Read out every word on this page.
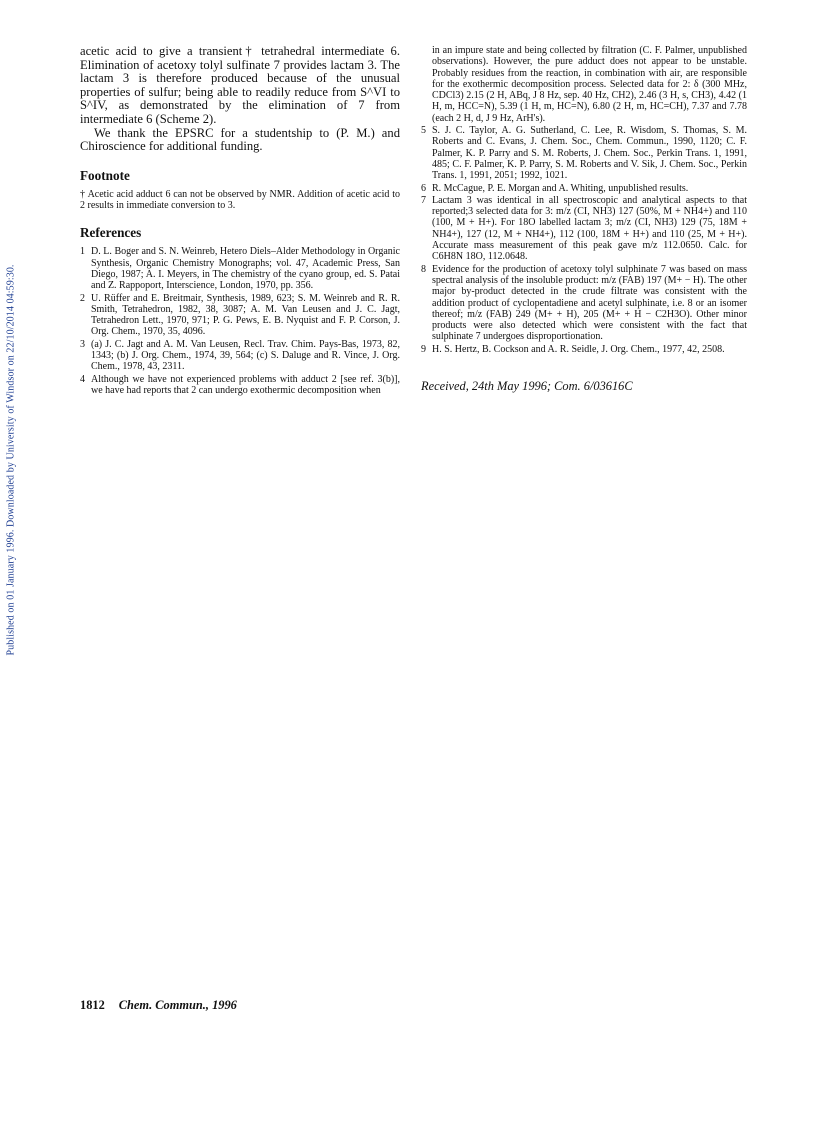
Published on 01 January 1996. Downloaded by University of Windsor on 22/10/2014 04:59:30.

acetic acid to give a transient† tetrahedral intermediate 6. Elimination of acetoxy tolyl sulfinate 7 provides lactam 3. The lactam 3 is therefore produced because of the unusual properties of sulfur; being able to readily reduce from S^VI to S^IV, as demonstrated by the elimination of 7 from intermediate 6 (Scheme 2).

We thank the EPSRC for a studentship to (P. M.) and Chiroscience for additional funding.

Footnote

† Acetic acid adduct 6 can not be observed by NMR. Addition of acetic acid to 2 results in immediate conversion to 3.

References
1 D. L. Boger and S. N. Weinreb, Hetero Diels–Alder Methodology in Organic Synthesis, Organic Chemistry Monographs; vol. 47, Academic Press, San Diego, 1987; A. I. Meyers, in The chemistry of the cyano group, ed. S. Patai and Z. Rappoport, Interscience, London, 1970, pp. 356.
2 U. Rüffer and E. Breitmair, Synthesis, 1989, 623; S. M. Weinreb and R. R. Smith, Tetrahedron, 1982, 38, 3087; A. M. Van Leusen and J. C. Jagt, Tetrahedron Lett., 1970, 971; P. G. Pews, E. B. Nyquist and F. P. Corson, J. Org. Chem., 1970, 35, 4096.
3 (a) J. C. Jagt and A. M. Van Leusen, Recl. Trav. Chim. Pays-Bas, 1973, 82, 1343; (b) J. Org. Chem., 1974, 39, 564; (c) S. Daluge and R. Vince, J. Org. Chem., 1978, 43, 2311.
4 Although we have not experienced problems with adduct 2 [see ref. 3(b)], we have had reports that 2 can undergo exothermic decomposition when

in an impure state and being collected by filtration (C. F. Palmer, unpublished observations). However, the pure adduct does not appear to be unstable. Probably residues from the reaction, in combination with air, are responsible for the exothermic decomposition process. Selected data for 2: δ (300 MHz, CDCl3) 2.15 (2 H, ABq, J 8 Hz, sep. 40 Hz, CH2), 2.46 (3 H, s, CH3), 4.42 (1 H, m, HCC=N), 5.39 (1 H, m, HC=N), 6.80 (2 H, m, HC=CH), 7.37 and 7.78 (each 2 H, d, J 9 Hz, ArH's).

5 S. J. C. Taylor, A. G. Sutherland, C. Lee, R. Wisdom, S. Thomas, S. M. Roberts and C. Evans, J. Chem. Soc., Chem. Commun., 1990, 1120; C. F. Palmer, K. P. Parry and S. M. Roberts, J. Chem. Soc., Perkin Trans. 1, 1991, 485; C. F. Palmer, K. P. Parry, S. M. Roberts and V. Sik, J. Chem. Soc., Perkin Trans. 1, 1991, 2051; 1992, 1021.
6 R. McCague, P. E. Morgan and A. Whiting, unpublished results.
7 Lactam 3 was identical in all spectroscopic and analytical aspects to that reported;3 selected data for 3: m/z (CI, NH3) 127 (50%, M + NH4+) and 110 (100, M + H+). For 18O labelled lactam 3; m/z (CI, NH3) 129 (75, 18M + NH4+), 127 (12, M + NH4+), 112 (100, 18M + H+) and 110 (25, M + H+). Accurate mass measurement of this peak gave m/z 112.0650. Calc. for C6H8N 18O, 112.0648.
8 Evidence for the production of acetoxy tolyl sulphinate 7 was based on mass spectral analysis of the insoluble product: m/z (FAB) 197 (M+ − H). The other major by-product detected in the crude filtrate was consistent with the addition product of cyclopentadiene and acetyl sulphinate, i.e. 8 or an isomer thereof; m/z (FAB) 249 (M+ + H), 205 (M+ + H − C2H3O). Other minor products were also detected which were consistent with the fact that sulphinate 7 undergoes disproportionation.
9 H. S. Hertz, B. Cockson and A. R. Seidle, J. Org. Chem., 1977, 42, 2508.
Received, 24th May 1996; Com. 6/03616C
1812 Chem. Commun., 1996
